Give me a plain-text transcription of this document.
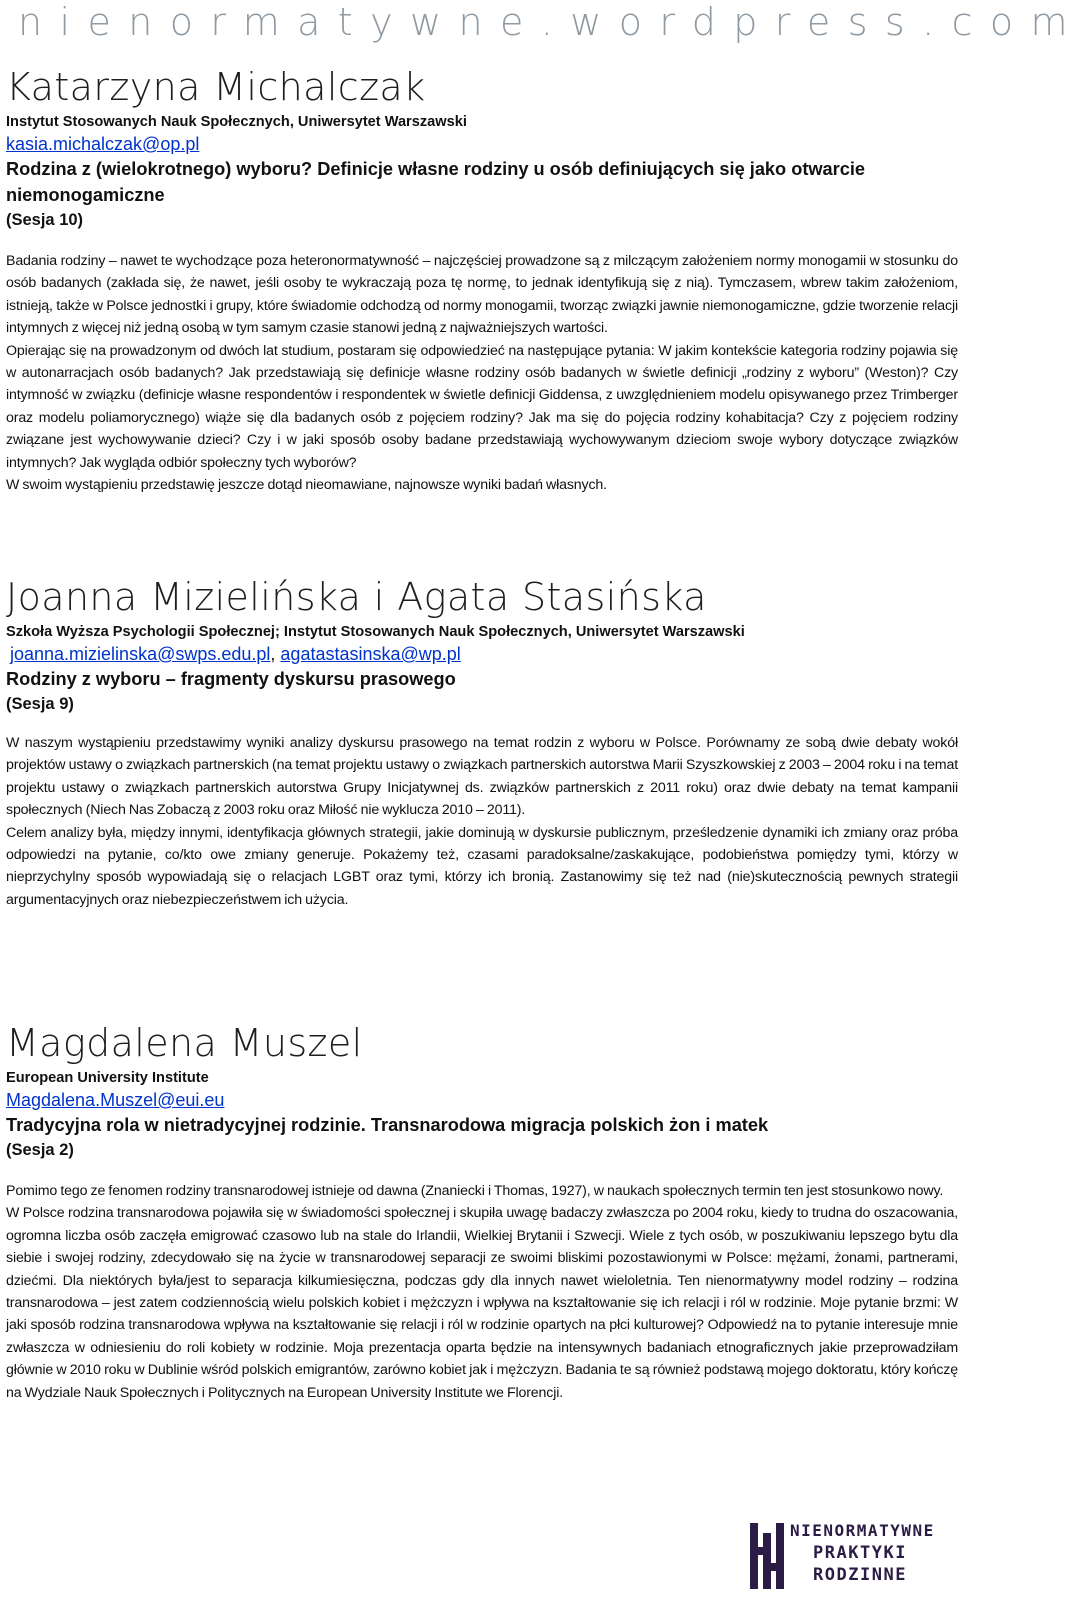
nienormatywne.wordpress.com
Katarzyna Michalczak

Instytut Stosowanych Nauk Społecznych, Uniwersytet Warszawski

kasia.michalczak@op.pl

Rodzina z (wielokrotnego) wyboru? Definicje własne rodziny u osób definiujących się jako otwarcie niemonogamiczne

(Sesja 10)

Badania rodziny – nawet te wychodzące poza heteronormatywność – najczęściej prowadzone są z milczącym założeniem normy monogamii w stosunku do osób badanych (zakłada się, że nawet, jeśli osoby te wykraczają poza tę normę, to jednak identyfikują się z nią). Tymczasem, wbrew takim założeniom, istnieją, także w Polsce jednostki i grupy, które świadomie odchodzą od normy monogamii, tworząc związki jawnie niemonogamiczne, gdzie tworzenie relacji intymnych z więcej niż jedną osobą w tym samym czasie stanowi jedną z najważniejszych wartości.

Opierając się na prowadzonym od dwóch lat studium, postaram się odpowiedzieć na następujące pytania: W jakim kontekście kategoria rodziny pojawia się w autonarracjach osób badanych? Jak przedstawiają się definicje własne rodziny osób badanych w świetle definicji „rodziny z wyboru” (Weston)? Czy intymność w związku (definicje własne respondentów i respondentek w świetle definicji Giddensa, z uwzględnieniem modelu opisywanego przez Trimberger oraz modelu poliamorycznego) wiąże się dla badanych osób z pojęciem rodziny? Jak ma się do pojęcia rodziny kohabitacja? Czy z pojęciem rodziny związane jest wychowywanie dzieci? Czy i w jaki sposób osoby badane przedstawiają wychowywanym dzieciom swoje wybory dotyczące związków intymnych? Jak wygląda odbiór społeczny tych wyborów?

W swoim wystąpieniu przedstawię jeszcze dotąd nieomawiane, najnowsze wyniki badań własnych.

Joanna Mizielińska i Agata Stasińska

Szkoła Wyższa Psychologii Społecznej; Instytut Stosowanych Nauk Społecznych, Uniwersytet Warszawski

joanna.mizielinska@swps.edu.pl, agatastasinska@wp.pl

Rodziny z wyboru – fragmenty dyskursu prasowego

(Sesja 9)

W naszym wystąpieniu przedstawimy wyniki analizy dyskursu prasowego na temat rodzin z wyboru w Polsce. Porównamy ze sobą dwie debaty wokół projektów ustawy o związkach partnerskich (na temat projektu ustawy o związkach partnerskich autorstwa Marii Szyszkowskiej z 2003 – 2004 roku i na temat projektu ustawy o związkach partnerskich autorstwa Grupy Inicjatywnej ds. związków partnerskich z 2011 roku) oraz dwie debaty na temat kampanii społecznych (Niech Nas Zobaczą z 2003 roku oraz Miłość nie wyklucza 2010 – 2011).

Celem analizy była, między innymi, identyfikacja głównych strategii, jakie dominują w dyskursie publicznym, prześledzenie dynamiki ich zmiany oraz próba odpowiedzi na pytanie, co/kto owe zmiany generuje. Pokażemy też, czasami paradoksalne/zaskakujące, podobieństwa pomiędzy tymi, którzy w nieprzychylny sposób wypowiadają się o relacjach LGBT oraz tymi, którzy ich bronią. Zastanowimy się też nad (nie)skutecznością pewnych strategii argumentacyjnych oraz niebezpieczeństwem ich użycia.

Magdalena Muszel

European University Institute

Magdalena.Muszel@eui.eu

Tradycyjna rola w nietradycyjnej rodzinie. Transnarodowa migracja polskich żon i matek

(Sesja 2)

Pomimo tego ze fenomen rodziny transnarodowej istnieje od dawna (Znaniecki i Thomas, 1927), w naukach społecznych termin ten jest stosunkowo nowy.

W Polsce rodzina transnarodowa pojawiła się w świadomości społecznej i skupiła uwagę badaczy zwłaszcza po 2004 roku, kiedy to trudna do oszacowania, ogromna liczba osób zaczęła emigrować czasowo lub na stale do Irlandii, Wielkiej Brytanii i Szwecji. Wiele z tych osób, w poszukiwaniu lepszego bytu dla siebie i swojej rodziny, zdecydowało się na życie w transnarodowej separacji ze swoimi bliskimi pozostawionymi w Polsce: mężami, żonami, partnerami, dziećmi. Dla niektórych była/jest to separacja kilkumiesięczna, podczas gdy dla innych nawet wieloletnia. Ten nienormatywny model rodziny – rodzina transnarodowa – jest zatem codziennością wielu polskich kobiet i mężczyzn i wpływa na kształtowanie się ich relacji i ról w rodzinie. Moje pytanie brzmi: W jaki sposób rodzina transnarodowa wpływa na kształtowanie się relacji i ról w rodzinie opartych na płci kulturowej? Odpowiedź na to pytanie interesuje mnie zwłaszcza w odniesieniu do roli kobiety w rodzinie. Moja prezentacja oparta będzie na intensywnych badaniach etnograficznych jakie przeprowadziłam głównie w 2010 roku w Dublinie wśród polskich emigrantów, zarówno kobiet jak i mężczyzn. Badania te są również podstawą mojego doktoratu, który kończę na Wydziale Nauk Społecznych i Politycznych na European University Institute we Florencji.

NIENORMATYWNE
PRAKTYKI
RODZINNE
